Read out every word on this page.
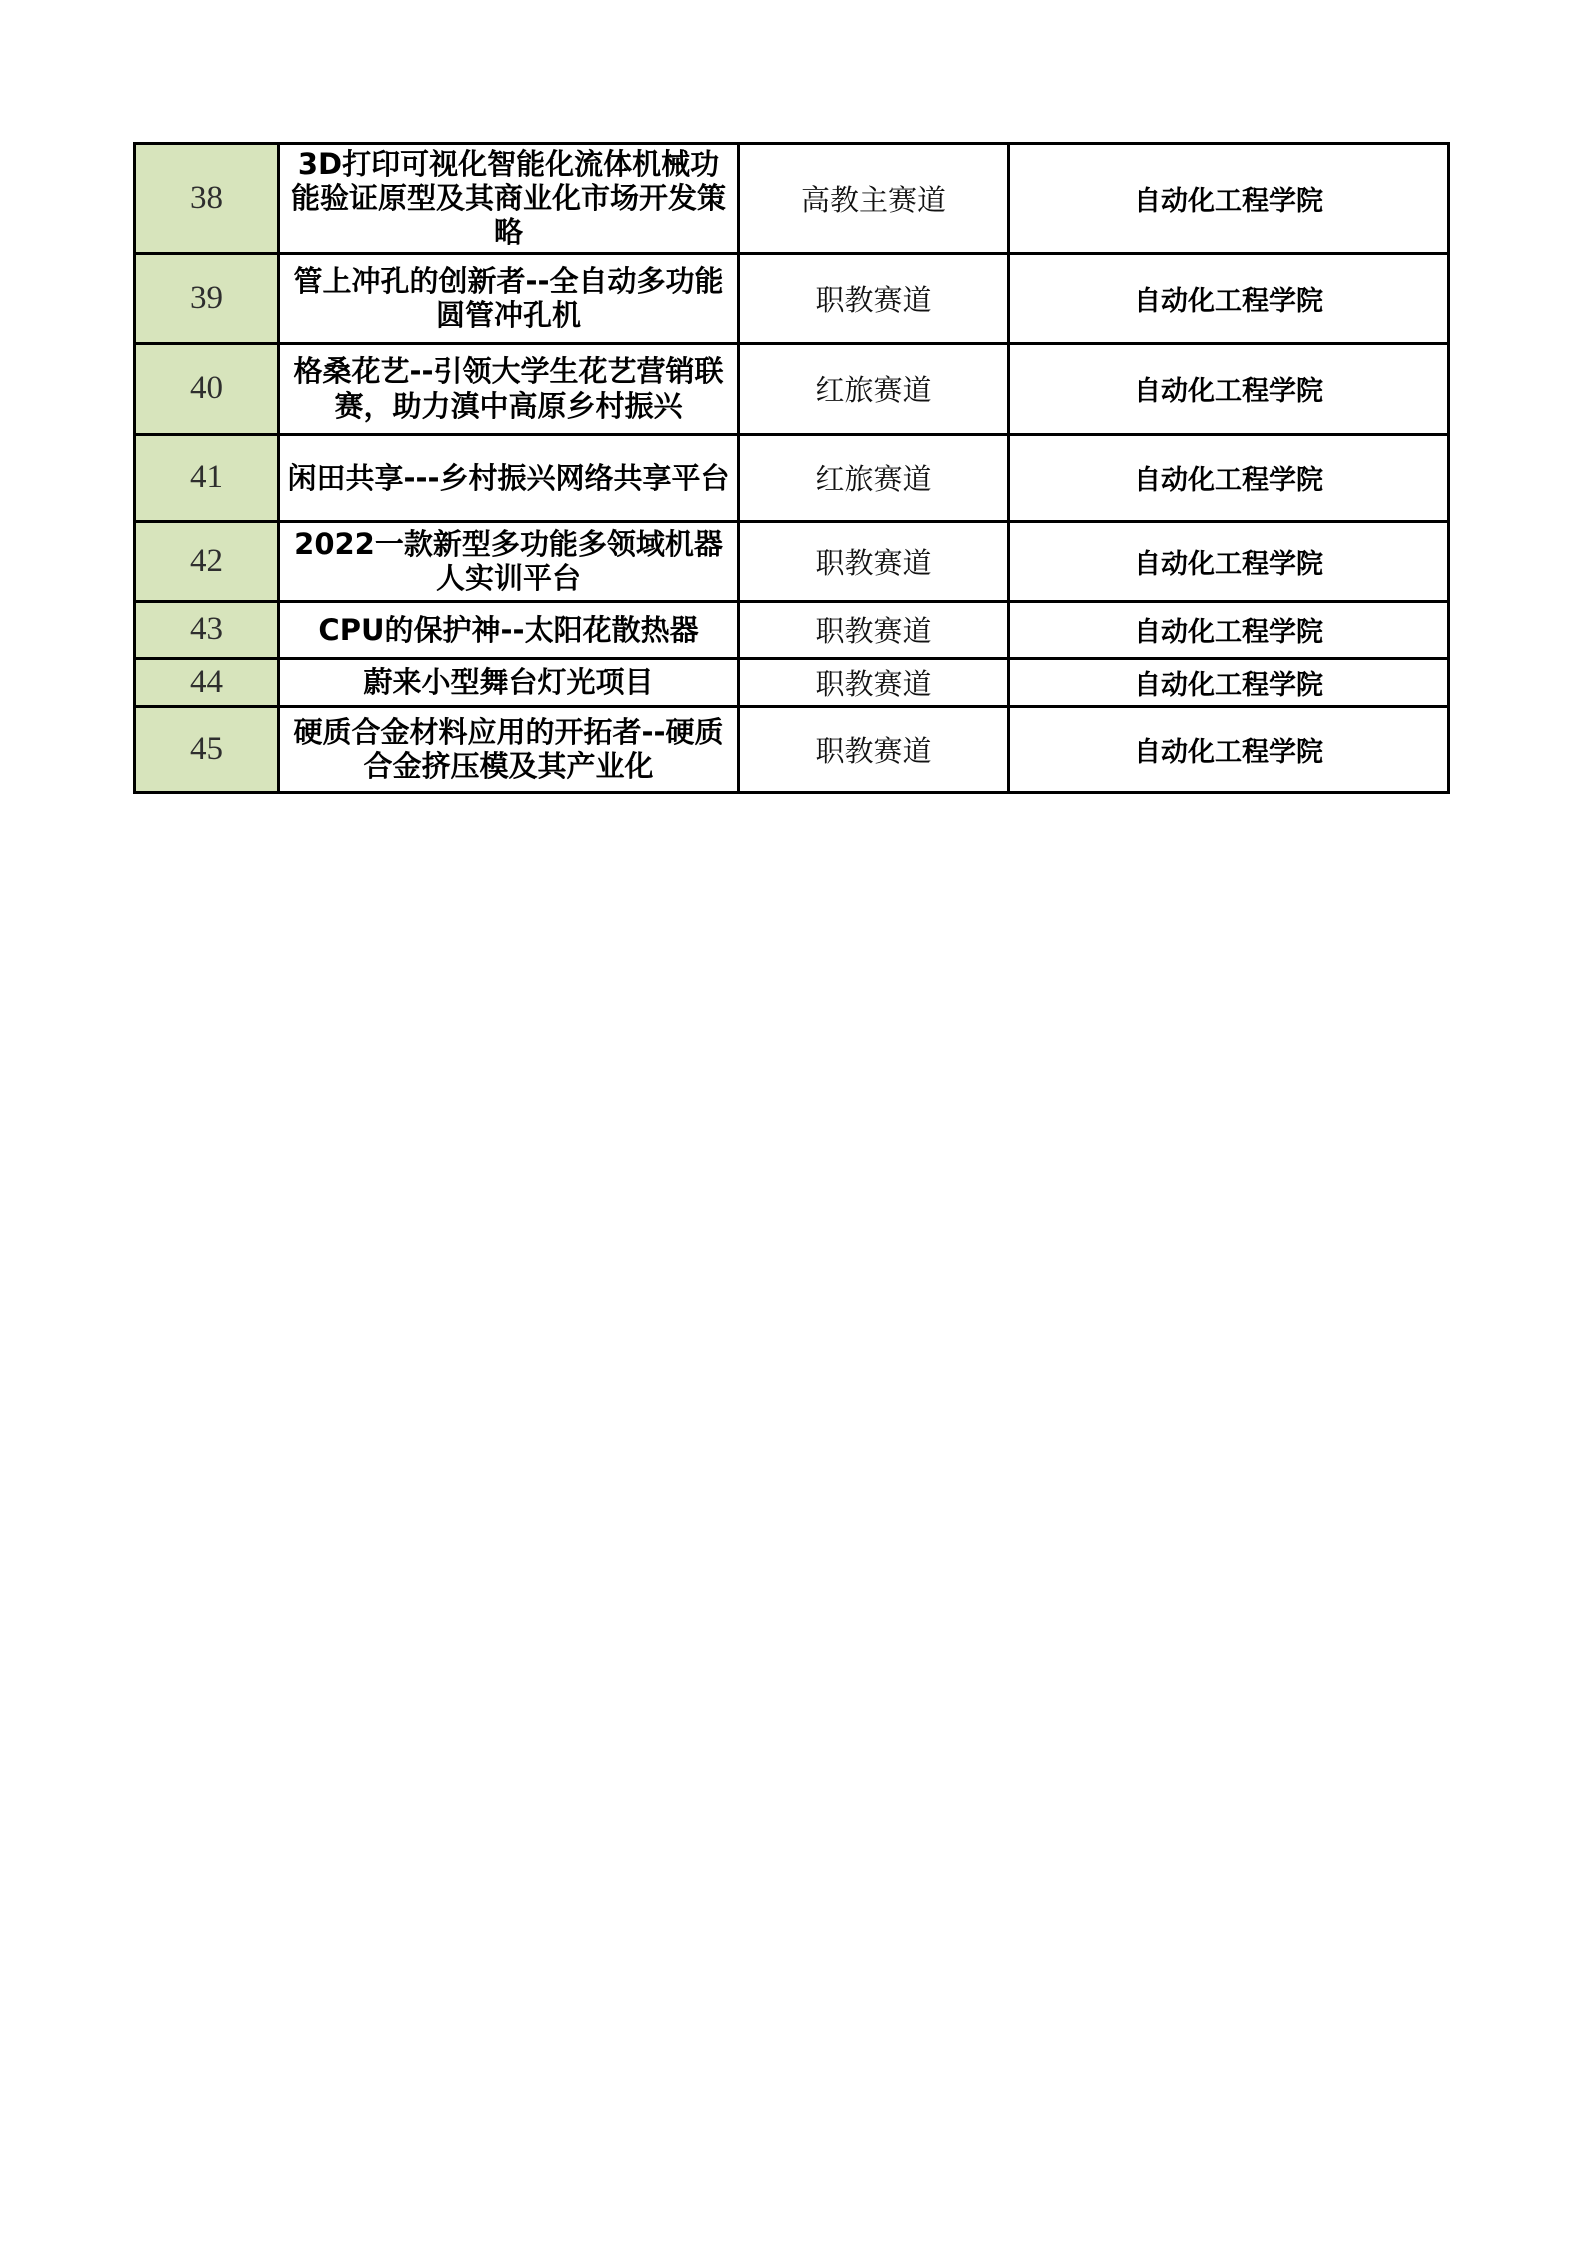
38	3D打印可视化智能化流体机械功能验证原型及其商业化市场开发策略	高教主赛道	自动化工程学院
39	管上冲孔的创新者--全自动多功能圆管冲孔机	职教赛道	自动化工程学院
40	格桑花艺--引领大学生花艺营销联赛，助力滇中高原乡村振兴	红旅赛道	自动化工程学院
41	闲田共享---乡村振兴网络共享平台	红旅赛道	自动化工程学院
42	2022一款新型多功能多领域机器人实训平台	职教赛道	自动化工程学院
43	CPU的保护神--太阳花散热器	职教赛道	自动化工程学院
44	蔚来小型舞台灯光项目	职教赛道	自动化工程学院
45	硬质合金材料应用的开拓者--硬质合金挤压模及其产业化	职教赛道	自动化工程学院
